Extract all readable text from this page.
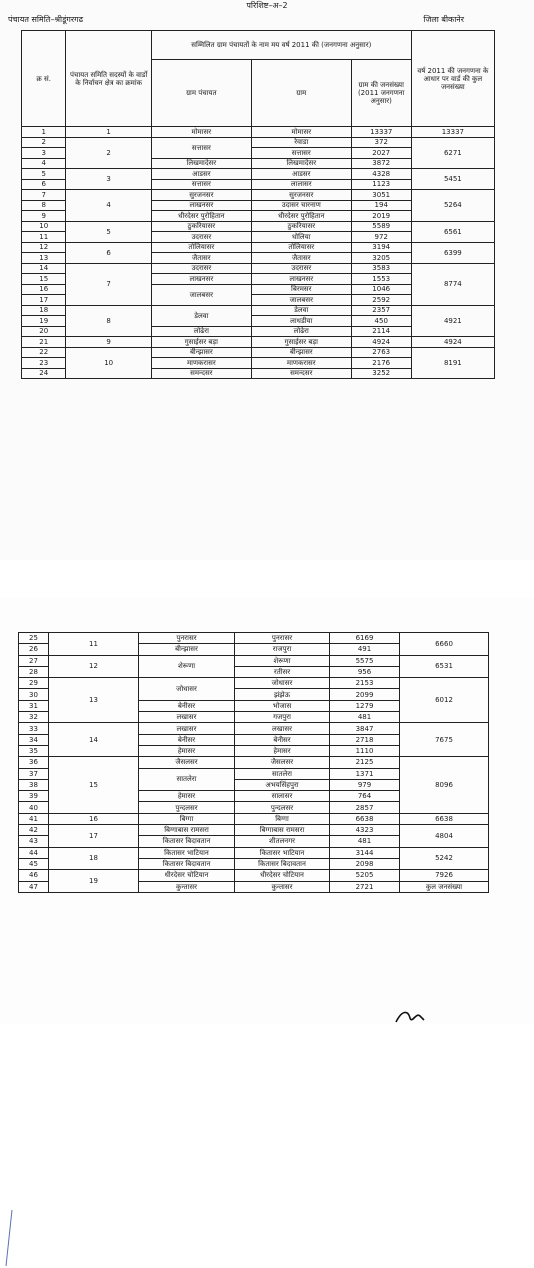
परिशिष्ट–अ–2
पंचायत समिति–श्रीडूंगरगढ	जिला बीकानेर
क्र सं.	पंचायत समिति सदस्यों के वार्डो के निर्वाचन क्षेत्र का क्रमांक	सम्मिलित ग्राम पंचायतों के नाम मय वर्ष 2011 की (जनगणना अनुसार)			वर्ष 2011 की जनगणना के आधार पर वार्ड की कुल जनसंख्या
		ग्राम पंचायत	ग्राम	ग्राम की जनसंख्या (2011 जनगणना अनुसार)	
1	1	मोमासर	मोमासर	13337	13337
2	2	सत्तासर	रेवाडा	372	6271
3			सत्तासर	2027	
4		लिखमादेसर	लिखमादेसर	3872	
5	3	आडसर	आडसर	4328	5451
6		सत्तासर	लालासर	1123	
7	4	सुरजनसर	सुरजनसर	3051	5264
8		लाखनसर	उदासर चारनाण	194	
9		धीरदेसर पुरोहितान	धीरदेसर पुरोहितान	2019	
10	5	ठुकरियासर	ठुकरियासर	5589	6561
11		उदरासर	धोलिया	972	
12	6	तोलियासर	तोलियासर	3194	6399
13		जैतासर	जैतासर	3205	
14	7	उदरासर	उदरासर	3583	8774
15		लाखनसर	लाखनसर	1553	
16		जालबसर	बिरमसर	1046	
17			जालबसर	2592	
18	8	डेलवा	डेलवा	2357	4921
19			लाधडीया	450	
20		लोढेरा	लोढेरा	2114	
21	9	गुसाईसर बड़ा	गुसाईसर बड़ा	4924	4924
22	10	बीन्झासर	बीन्झासर	2763	8191
23		माणकरासर	माणकरासर	2176	
24		समन्दसर	समन्दसर	3252	
25	11	पुनरासर	पुनरासर	6169	6660	
26		बीन्झासर	राजपुरा	491		
27	12	शेरूणा	शेरूणा	5575	6531	
28			रतीसर	956		
29	13	जोधासर	जोधासर	2153	6012	
30			झंझेऊ	2099		
31		बेनीसर	भोजास	1279		
32		लखासर	गजपुरा	481		
33	14	लखासर	लखासर	3847	7675	
34		बेनीसर	बेनीसर	2718		
35		हेमासर	हेमासर	1110		
36	15	जैसलसर	जैसलसर	2125	8096	
37		सातलेरा	सातलेरा	1371		
38			अभयसिंहपुरा	979		
39		हेमासर	सालासर	764		
40		पुन्दलसर	पुन्दलसर	2857		
41	16	बिग्गा	बिग्गा	6638	6638	
42	17	बिग्गाबास रामसरा	बिग्गाबास रामसरा	4323	4804	
43		कितासर बिदावतान	शीतलनगर	481		
44	18	कितासर भाटियान	कितासर भाटियान	3144	5242	
45		कितासर बिदावतान	कितासर बिदावतान	2098		
46	19	धीरदेसर चोटियान	धीरदेसर चोटियान	5205	7926	
47		कुन्तासर	कुन्तासर	2721	कुल जनसंख्या	
